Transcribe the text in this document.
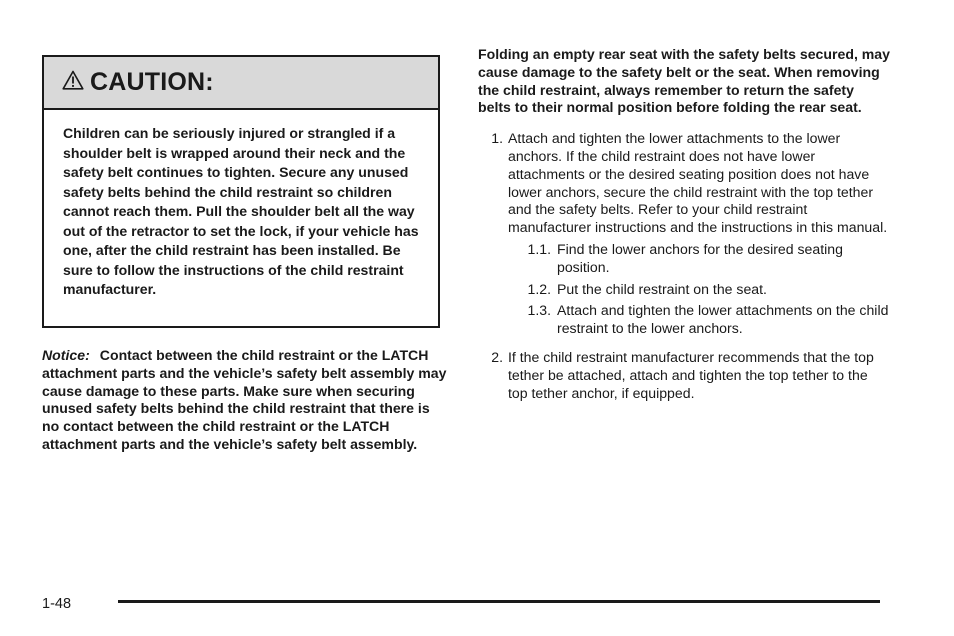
CAUTION:

Children can be seriously injured or strangled if a shoulder belt is wrapped around their neck and the safety belt continues to tighten. Secure any unused safety belts behind the child restraint so children cannot reach them. Pull the shoulder belt all the way out of the retractor to set the lock, if your vehicle has one, after the child restraint has been installed. Be sure to follow the instructions of the child restraint manufacturer.

Notice: Contact between the child restraint or the LATCH attachment parts and the vehicle’s safety belt assembly may cause damage to these parts. Make sure when securing unused safety belts behind the child restraint that there is no contact between the child restraint or the LATCH attachment parts and the vehicle’s safety belt assembly.

Folding an empty rear seat with the safety belts secured, may cause damage to the safety belt or the seat. When removing the child restraint, always remember to return the safety belts to their normal position before folding the rear seat.

1. Attach and tighten the lower attachments to the lower anchors. If the child restraint does not have lower attachments or the desired seating position does not have lower anchors, secure the child restraint with the top tether and the safety belts. Refer to your child restraint manufacturer instructions and the instructions in this manual.
1.1. Find the lower anchors for the desired seating position.
1.2. Put the child restraint on the seat.
1.3. Attach and tighten the lower attachments on the child restraint to the lower anchors.
2. If the child restraint manufacturer recommends that the top tether be attached, attach and tighten the top tether to the top tether anchor, if equipped.
1-48
